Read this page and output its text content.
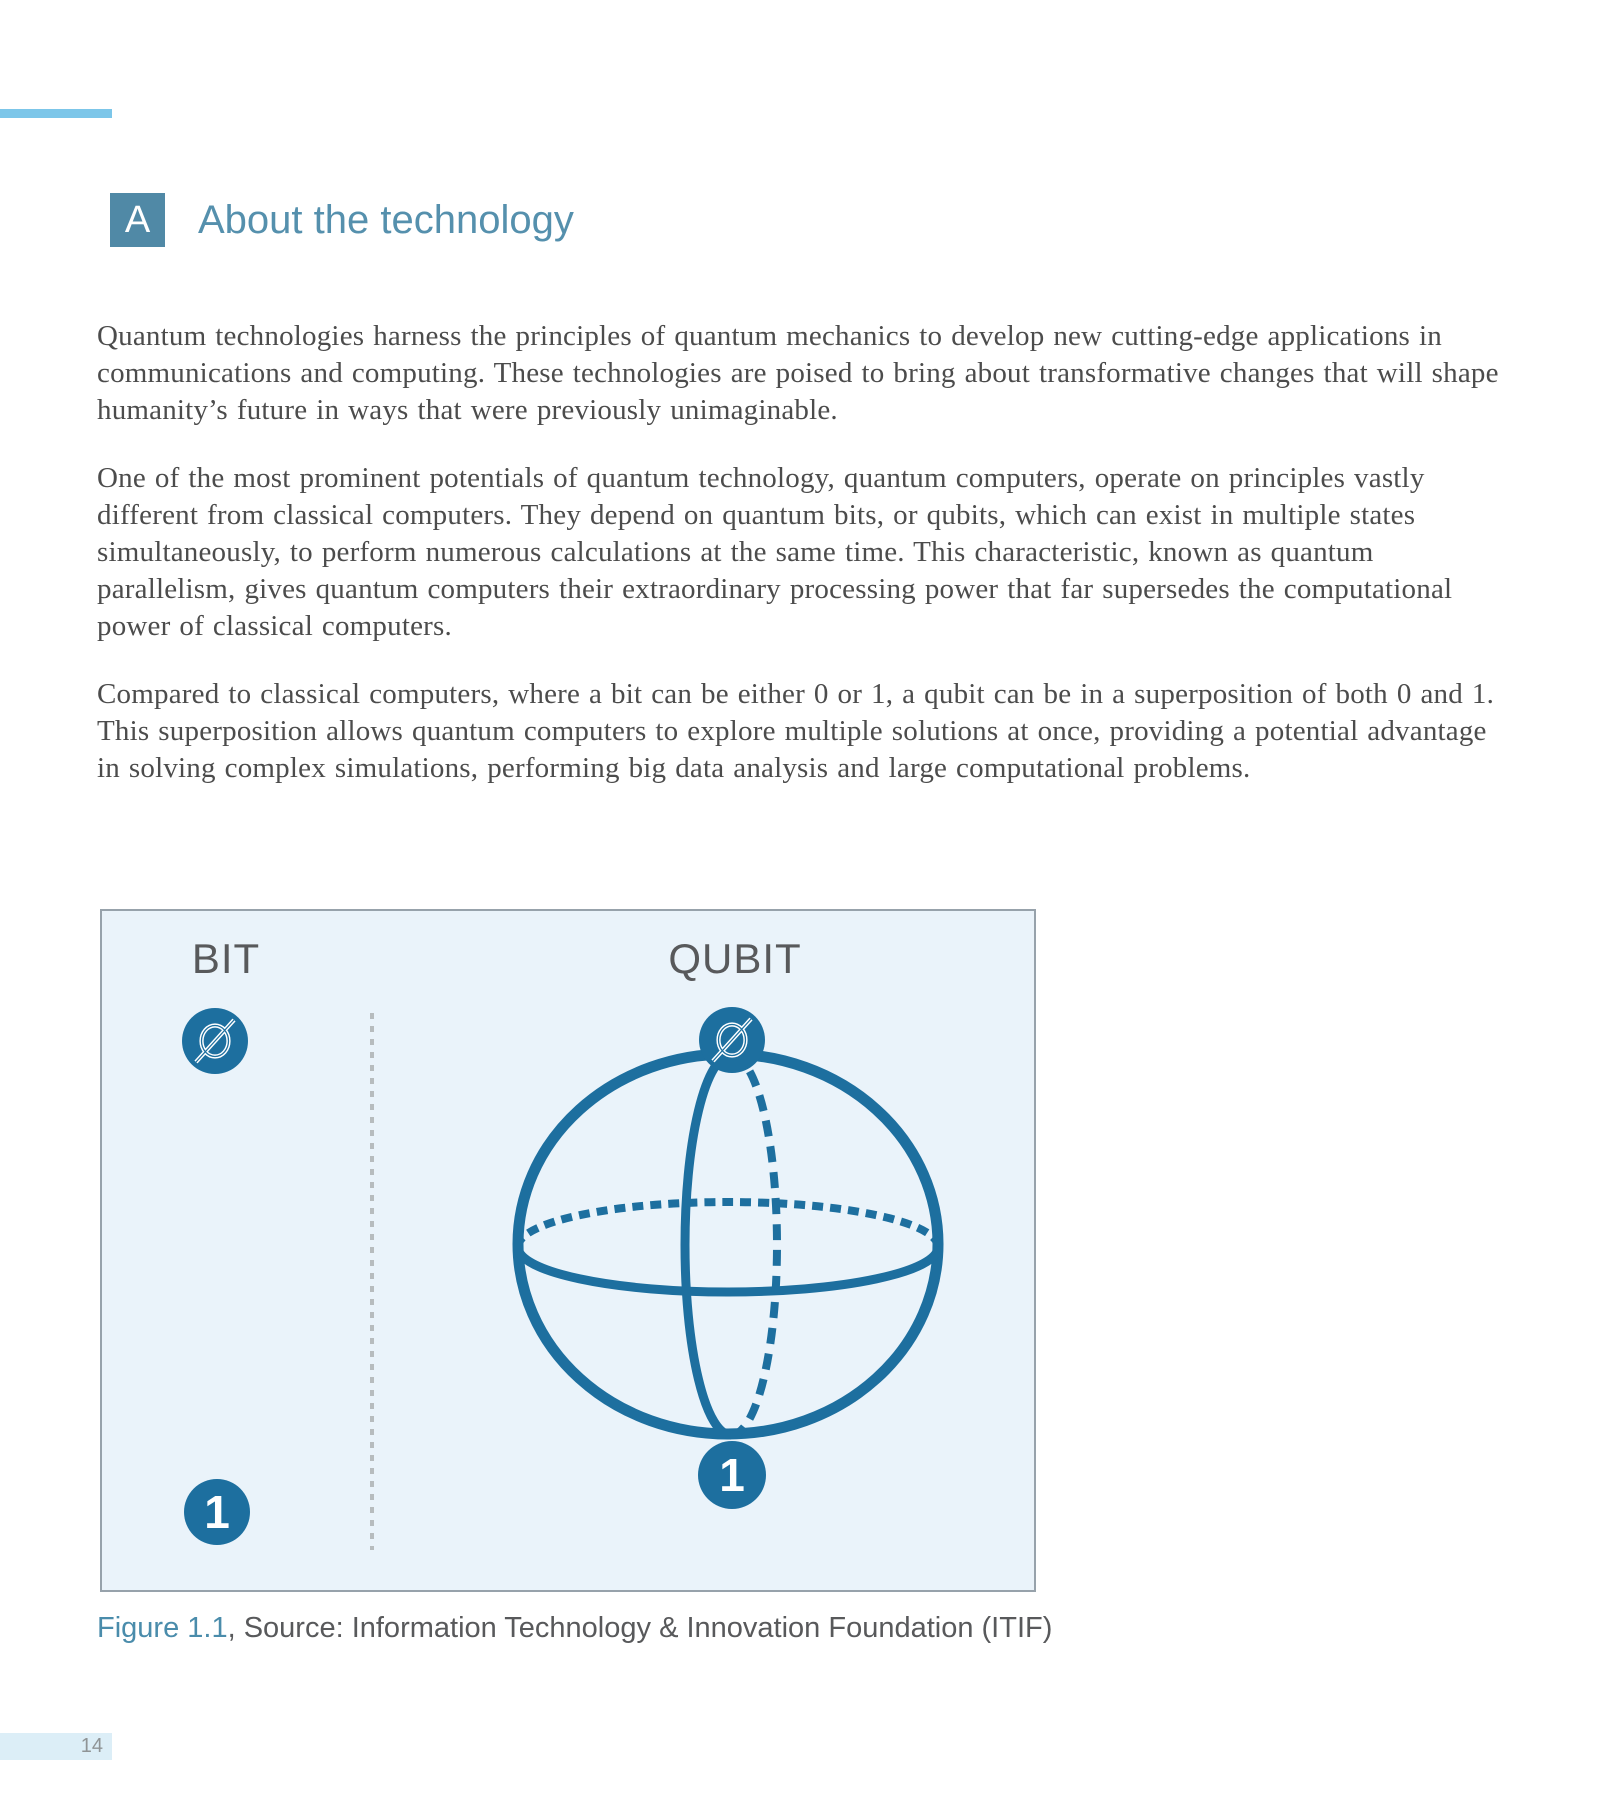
A About the technology

Quantum technologies harness the principles of quantum mechanics to develop new cutting-edge applications in communications and computing. These technologies are poised to bring about transformative changes that will shape humanity’s future in ways that were previously unimaginable.

One of the most prominent potentials of quantum technology, quantum computers, operate on principles vastly different from classical computers. They depend on quantum bits, or qubits, which can exist in multiple states simultaneously, to perform numerous calculations at the same time. This characteristic, known as quantum parallelism, gives quantum computers their extraordinary processing power that far supersedes the computational power of classical computers.

Compared to classical computers, where a bit can be either 0 or 1, a qubit can be in a superposition of both 0 and 1. This superposition allows quantum computers to explore multiple solutions at once, providing a potential advantage in solving complex simulations, performing big data analysis and large computational problems.

BIT	QUBIT
1
1
Figure 1.1, Source: Information Technology & Innovation Foundation (ITIF)
14
